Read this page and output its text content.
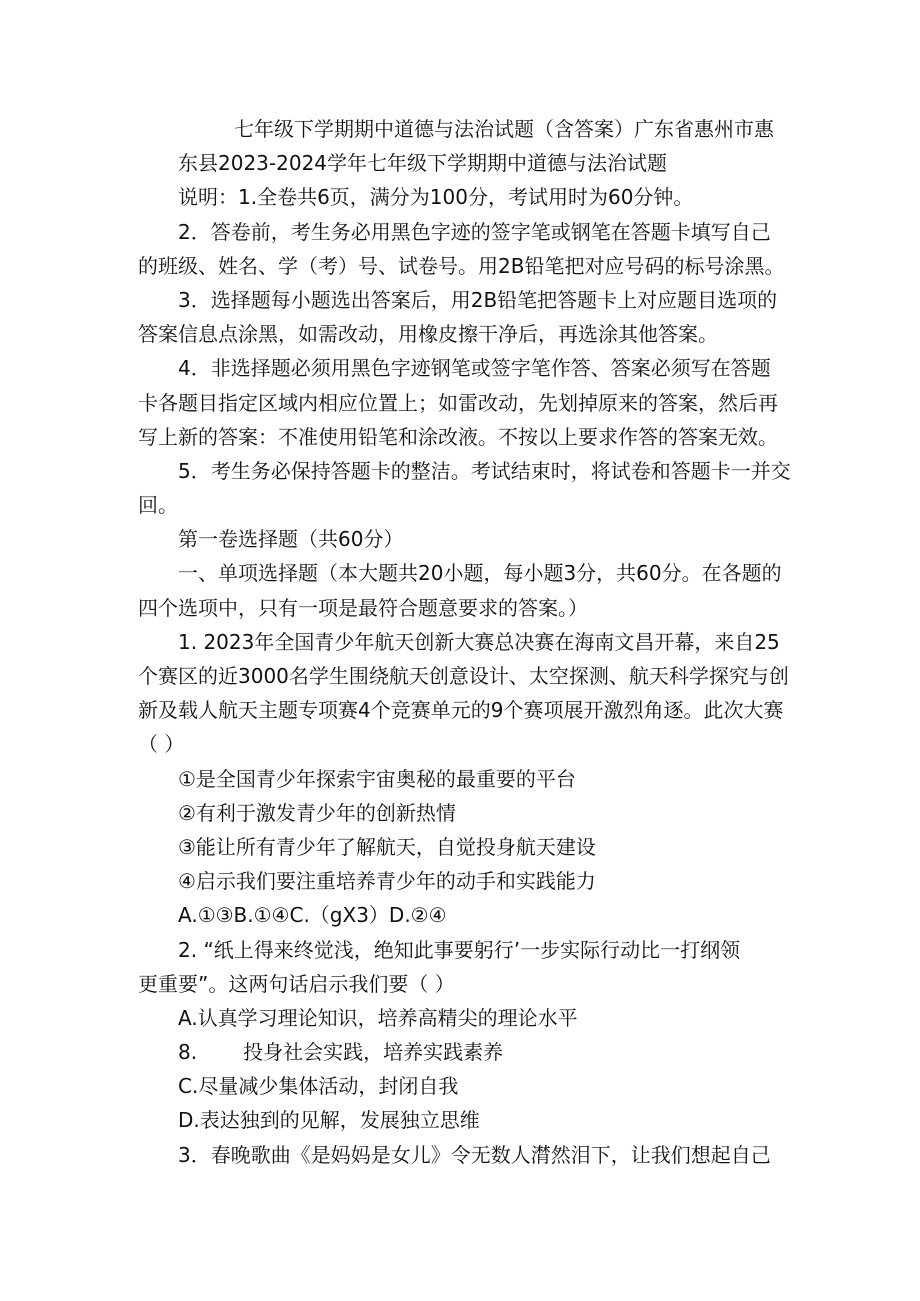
七年级下学期期中道德与法治试题（含答案）广东省惠州市惠
东县2023-2024学年七年级下学期期中道德与法治试题
说明：1.全卷共6页，满分为100分，考试用时为60分钟。
2．答卷前，考生务必用黑色字迹的签字笔或钢笔在答题卡填写自己
的班级、姓名、学（考）号、试卷号。用2B铅笔把对应号码的标号涂黑。
3．选择题每小题选出答案后，用2B铅笔把答题卡上对应题目选项的
答案信息点涂黑，如需改动，用橡皮擦干净后，再选涂其他答案。
4．非选择题必须用黑色字迹钢笔或签字笔作答、答案必须写在答题
卡各题目指定区域内相应位置上；如雷改动，先划掉原来的答案，然后再
写上新的答案：不准使用铅笔和涂改液。不按以上要求作答的答案无效。
5．考生务必保持答题卡的整洁。考试结束时，将试卷和答题卡一并交
回。
第一卷选择题（共60分）
一、单项选择题（本大题共20小题，每小题3分，共60分。在各题的
四个选项中，只有一项是最符合题意要求的答案。）
1. 2023年全国青少年航天创新大赛总决赛在海南文昌开幕，来自25
个赛区的近3000名学生围绕航天创意设计、太空探测、航天科学探究与创
新及载人航天主题专项赛4个竞赛单元的9个赛项展开激烈角逐。此次大赛
（ ）
①是全国青少年探索宇宙奥秘的最重要的平台
②有利于激发青少年的创新热情
③能让所有青少年了解航天，自觉投身航天建设
④启示我们要注重培养青少年的动手和实践能力
A.①③B.①④C.（gX3）D.②④
2. “纸上得来终觉浅，绝知此事要躬行’一步实际行动比一打纲领
更重要”。这两句话启示我们要（ ）
A.认真学习理论知识，培养高精尖的理论水平
8. 投身社会实践，培养实践素养
C.尽量减少集体活动，封闭自我
D.表达独到的见解，发展独立思维
3．春晚歌曲《是妈妈是女儿》令无数人潸然泪下，让我们想起自己
